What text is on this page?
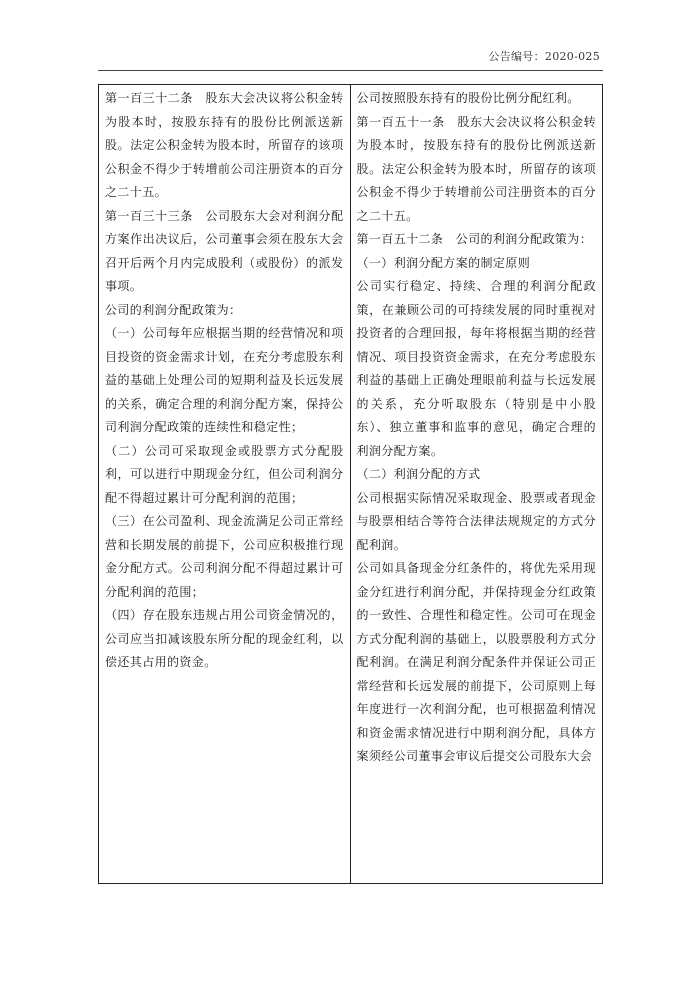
公告编号：2020-025

第一百三十二条　股东大会决议将公积金转为股本时，按股东持有的股份比例派送新股。法定公积金转为股本时，所留存的该项公积金不得少于转增前公司注册资本的百分之二十五。

第一百三十三条　公司股东大会对利润分配方案作出决议后，公司董事会须在股东大会召开后两个月内完成股利（或股份）的派发事项。

公司的利润分配政策为：

（一）公司每年应根据当期的经营情况和项目投资的资金需求计划，在充分考虑股东利益的基础上处理公司的短期利益及长远发展的关系，确定合理的利润分配方案，保持公司利润分配政策的连续性和稳定性；

（二）公司可采取现金或股票方式分配股利，可以进行中期现金分红，但公司利润分配不得超过累计可分配利润的范围；

（三）在公司盈利、现金流满足公司正常经营和长期发展的前提下，公司应积极推行现金分配方式。公司利润分配不得超过累计可分配利润的范围；

（四）存在股东违规占用公司资金情况的，公司应当扣减该股东所分配的现金红利，以偿还其占用的资金。

公司按照股东持有的股份比例分配红利。

第一百五十一条　股东大会决议将公积金转为股本时，按股东持有的股份比例派送新股。法定公积金转为股本时，所留存的该项公积金不得少于转增前公司注册资本的百分之二十五。

第一百五十二条　公司的利润分配政策为：

（一）利润分配方案的制定原则

公司实行稳定、持续、合理的利润分配政策，在兼顾公司的可持续发展的同时重视对投资者的合理回报，每年将根据当期的经营情况、项目投资资金需求，在充分考虑股东利益的基础上正确处理眼前利益与长远发展的关系，充分听取股东（特别是中小股东）、独立董事和监事的意见，确定合理的利润分配方案。

（二）利润分配的方式

公司根据实际情况采取现金、股票或者现金与股票相结合等符合法律法规规定的方式分配利润。

公司如具备现金分红条件的，将优先采用现金分红进行利润分配，并保持现金分红政策的一致性、合理性和稳定性。公司可在现金方式分配利润的基础上，以股票股利方式分配利润。在满足利润分配条件并保证公司正常经营和长远发展的前提下，公司原则上每年度进行一次利润分配，也可根据盈利情况和资金需求情况进行中期利润分配，具体方案须经公司董事会审议后提交公司股东大会
